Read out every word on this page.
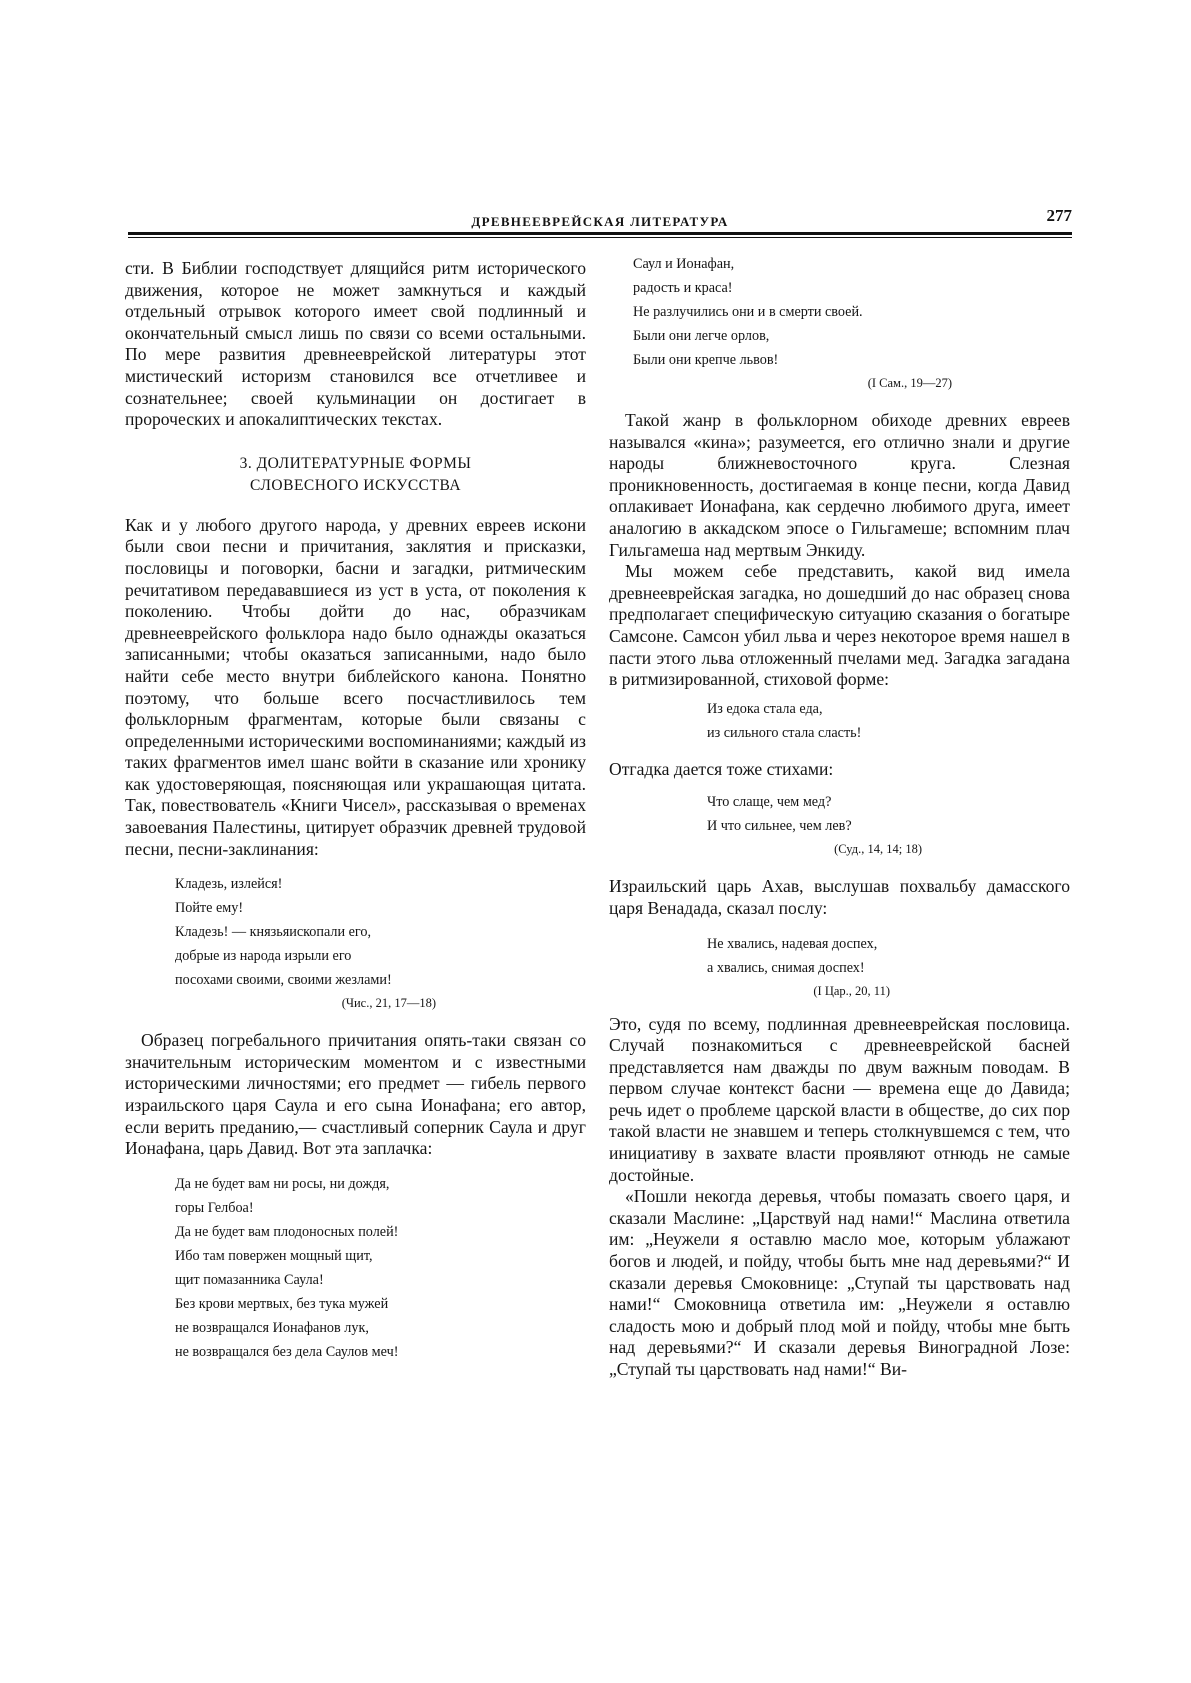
ДРЕВНЕЕВРЕЙСКАЯ ЛИТЕРАТУРА	277

сти. В Библии господствует длящийся ритм исторического движения, которое не может замкнуться и каждый отдельный отрывок которого имеет свой подлинный и окончательный смысл лишь по связи со всеми остальными. По мере развития древнееврейской литературы этот мистический историзм становился все отчетливее и сознательнее; своей кульминации он достигает в пророческих и апокалиптических текстах.

3. ДОЛИТЕРАТУРНЫЕ ФОРМЫ
СЛОВЕСНОГО ИСКУССТВА

Как и у любого другого народа, у древних евреев искони были свои песни и причитания, заклятия и присказки, пословицы и поговорки, басни и загадки, ритмическим речитативом передававшиеся из уст в уста, от поколения к поколению. Чтобы дойти до нас, образчикам древнееврейского фольклора надо было однажды оказаться записанными; чтобы оказаться записанными, надо было найти себе место внутри библейского канона. Понятно поэтому, что больше всего посчастливилось тем фольклорным фрагментам, которые были связаны с определенными историческими воспоминаниями; каждый из таких фрагментов имел шанс войти в сказание или хронику как удостоверяющая, поясняющая или украшающая цитата. Так, повествователь «Книги Чисел», рассказывая о временах завоевания Палестины, цитирует образчик древней трудовой песни, песни-заклинания:

Кладезь, излейся!
Пойте ему!
Кладезь! — князьяископали его,
добрые из народа изрыли его
посохами своими, своими жезлами!
(Чис., 21, 17—18)

Образец погребального причитания опять-таки связан со значительным историческим моментом и с известными историческими личностями; его предмет — гибель первого израильского царя Саула и его сына Ионафана; его автор, если верить преданию,— счастливый соперник Саула и друг Ионафана, царь Давид. Вот эта заплачка:

Да не будет вам ни росы, ни дождя,
горы Гелбоа!
Да не будет вам плодоносных полей!
Ибо там повержен мощный щит,
щит помазанника Саула!
Без крови мертвых, без тука мужей
не возвращался Ионафанов лук,
не возвращался без дела Саулов меч!
Саул и Ионафан,
радость и краса!
Не разлучились они и в смерти своей.
Были они легче орлов,
Были они крепче львов!
(I Сам., 19—27)

Такой жанр в фольклорном обиходе древних евреев назывался «кина»; разумеется, его отлично знали и другие народы ближневосточного круга. Слезная проникновенность, достигаемая в конце песни, когда Давид оплакивает Ионафана, как сердечно любимого друга, имеет аналогию в аккадском эпосе о Гильгамеше; вспомним плач Гильгамеша над мертвым Энкиду.

Мы можем себе представить, какой вид имела древнееврейская загадка, но дошедший до нас образец снова предполагает специфическую ситуацию сказания о богатыре Самсоне. Самсон убил льва и через некоторое время нашел в пасти этого льва отложенный пчелами мед. Загадка загадана в ритмизированной, стиховой форме:

Из едока стала еда,
из сильного стала сласть!

Отгадка дается тоже стихами:

Что слаще, чем мед?
И что сильнее, чем лев?
(Суд., 14, 14; 18)

Израильский царь Ахав, выслушав похвальбу дамасского царя Венадада, сказал послу:

Не хвались, надевая доспех,
а хвались, снимая доспех!
(I Цар., 20, 11)

Это, судя по всему, подлинная древнееврейская пословица. Случай познакомиться с древнееврейской басней представляется нам дважды по двум важным поводам. В первом случае контекст басни — времена еще до Давида; речь идет о проблеме царской власти в обществе, до сих пор такой власти не знавшем и теперь столкнувшемся с тем, что инициативу в захвате власти проявляют отнюдь не самые достойные.

«Пошли некогда деревья, чтобы помазать своего царя, и сказали Маслине: „Царствуй над нами!“ Маслина ответила им: „Неужели я оставлю масло мое, которым ублажают богов и людей, и пойду, чтобы быть мне над деревьями?“ И сказали деревья Смоковнице: „Ступай ты царствовать над нами!“ Смоковница ответила им: „Неужели я оставлю сладость мою и добрый плод мой и пойду, чтобы мне быть над деревьями?“ И сказали деревья Виноградной Лозе: „Ступай ты царствовать над нами!“ Ви-
